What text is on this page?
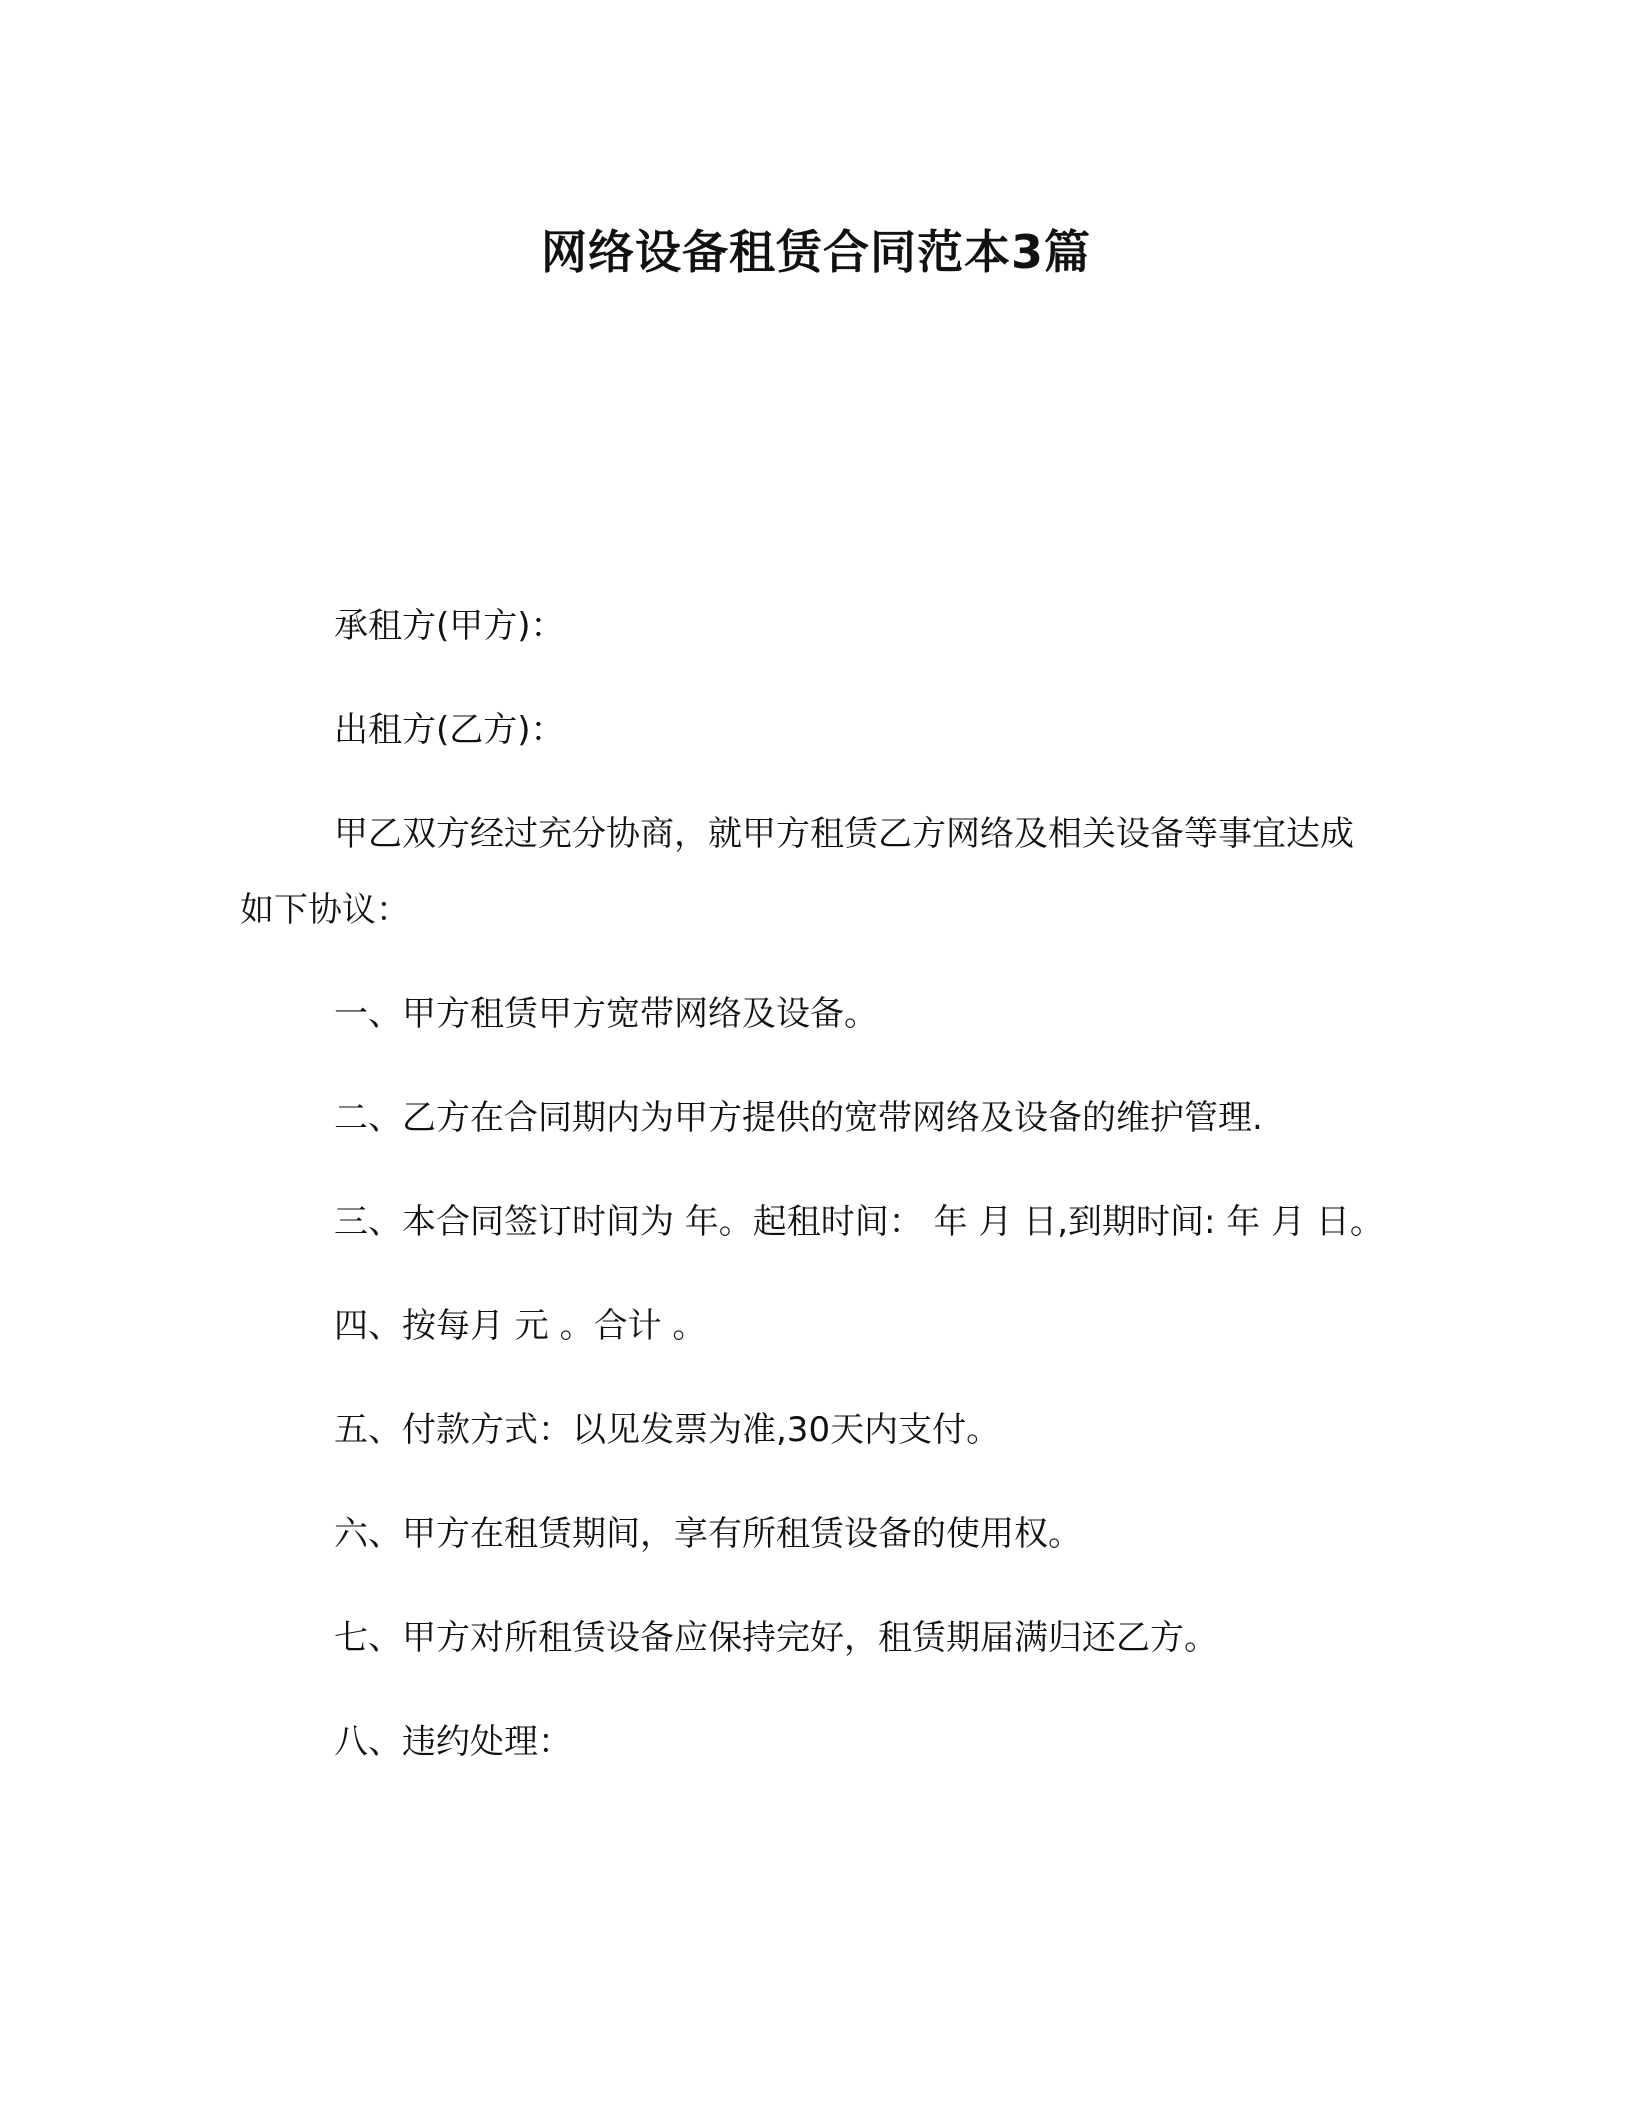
网络设备租赁合同范本3篇

承租方(甲方)：

出租方(乙方)：

甲乙双方经过充分协商，就甲方租赁乙方网络及相关设备等事宜达成如下协议：

一、甲方租赁甲方宽带网络及设备。

二、乙方在合同期内为甲方提供的宽带网络及设备的维护管理.

三、本合同签订时间为 年。起租时间： 年 月 日,到期时间: 年 月 日。

四、按每月 元 。合计 。

五、付款方式：以见发票为准,30天内支付。

六、甲方在租赁期间，享有所租赁设备的使用权。

七、甲方对所租赁设备应保持完好，租赁期届满归还乙方。

八、违约处理：
